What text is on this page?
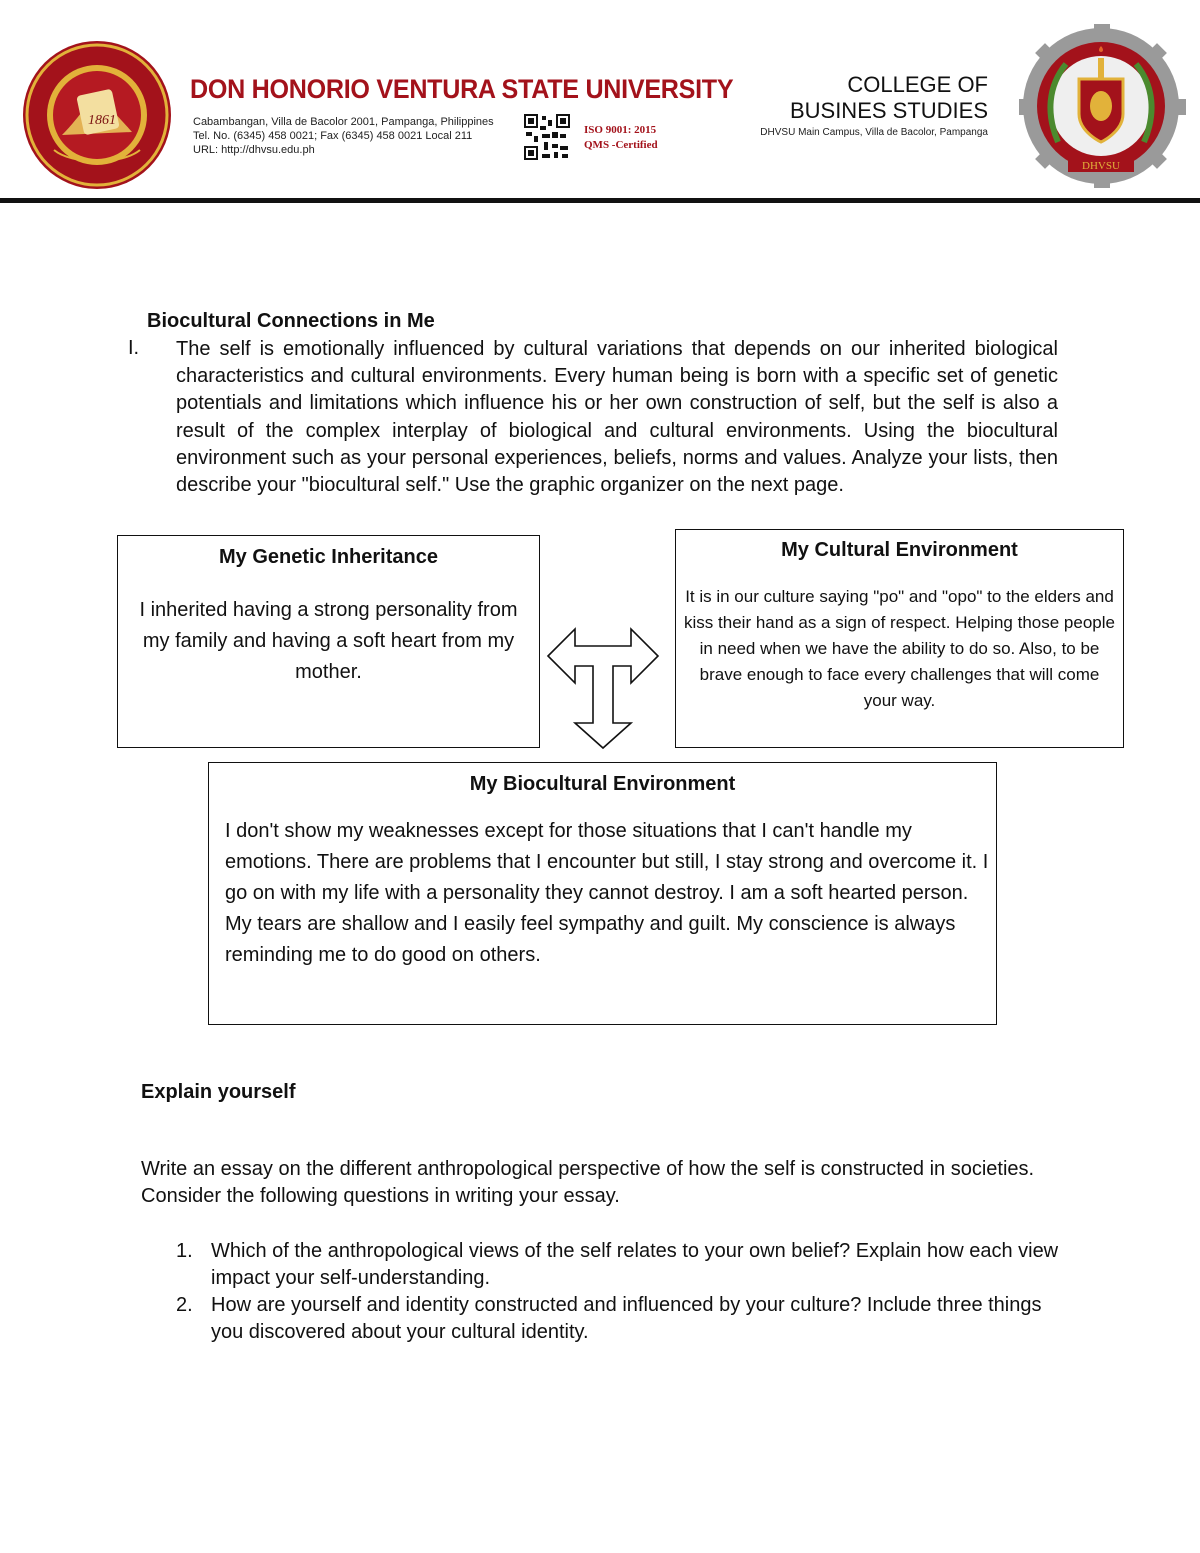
1861
DON HONORIO VENTURA STATE UNIVERSITY
Cabambangan, Villa de Bacolor 2001, Pampanga, Philippines
Tel. No. (6345) 458 0021; Fax (6345) 458 0021 Local 211
URL: http://dhvsu.edu.ph
ISO 9001: 2015
QMS -Certified
COLLEGE OF
BUSINES STUDIES
DHVSU Main Campus, Villa de Bacolor, Pampanga
DHVSU
Biocultural Connections in Me
I. The self is emotionally influenced by cultural variations that depends on our inherited biological characteristics and cultural environments. Every human being is born with a specific set of genetic potentials and limitations which influence his or her own construction of self, but the self is also a result of the complex interplay of biological and cultural environments. Using the biocultural environment such as your personal experiences, beliefs, norms and values. Analyze your lists, then describe your "biocultural self." Use the graphic organizer on the next page.
My Genetic Inheritance
I inherited having a strong personality from my family and having a soft heart from my mother.
My Cultural Environment
It is in our culture saying "po" and "opo" to the elders and kiss their hand as a sign of respect. Helping those people in need when we have the ability to do so. Also, to be brave enough to face every challenges that will come your way.
My Biocultural Environment
I don't show my weaknesses except for those situations that I can't handle my emotions. There are problems that I encounter but still, I stay strong and overcome it. I go on with my life with a personality they cannot destroy. I am a soft hearted person. My tears are shallow and I easily feel sympathy and guilt. My conscience is always reminding me to do good on others.
Explain yourself
Write an essay on the different anthropological perspective of how the self is constructed in societies. Consider the following questions in writing your essay.
1. Which of the anthropological views of the self relates to your own belief? Explain how each view impact your self-understanding.
2. How are yourself and identity constructed and influenced by your culture? Include three things you discovered about your cultural identity.
